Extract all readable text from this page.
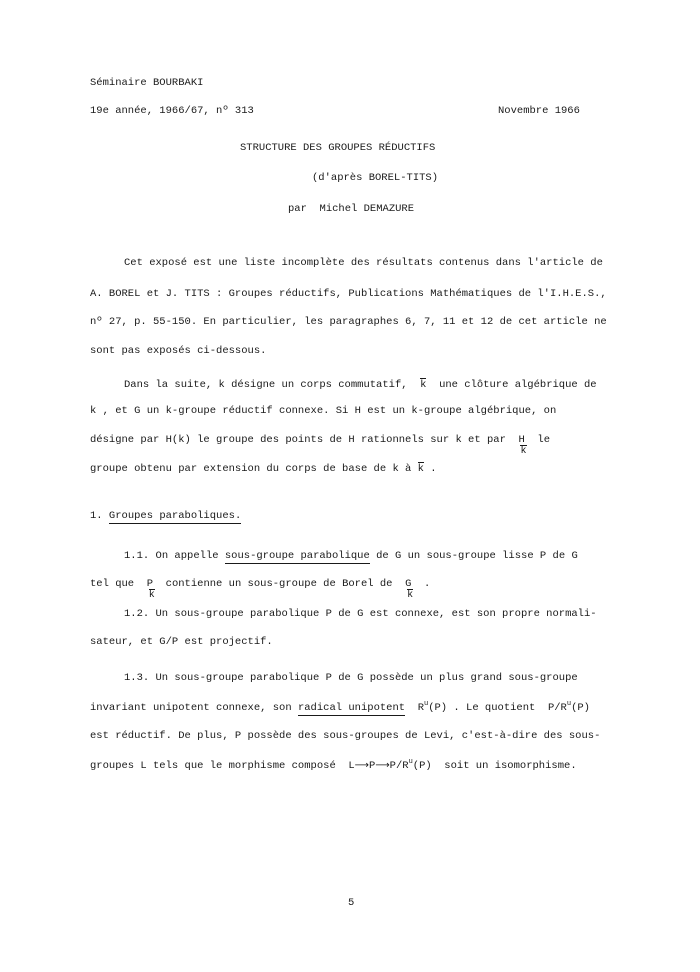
Séminaire BOURBAKI
19e année, 1966/67, nº 313	Novembre 1966
STRUCTURE DES GROUPES RÉDUCTIFS
(d'après BOREL-TITS)
par Michel DEMAZURE
Cet exposé est une liste incomplète des résultats contenus dans l'article de
A. BOREL et J. TITS : Groupes réductifs, Publications Mathématiques de l'I.H.E.S.,
nº 27, p. 55-150. En particulier, les paragraphes 6, 7, 11 et 12 de cet article ne
sont pas exposés ci-dessous.
Dans la suite, k désigne un corps commutatif, k une clôture algébrique de
k , et G un k-groupe réductif connexe. Si H est un k-groupe algébrique, on
désigne par H(k) le groupe des points de H rationnels sur k et par $\frac{H}{k}$ le
groupe obtenu par extension du corps de base de k à k .
1. Groupes paraboliques.
1.1. On appelle sous-groupe parabolique de G un sous-groupe lisse P de G
tel que $\frac{P}{k}$ contienne un sous-groupe de Borel de $\frac{G}{k}$ .
1.2. Un sous-groupe parabolique P de G est connexe, est son propre normali-
sateur, et G/P est projectif.
1.3. Un sous-groupe parabolique P de G possède un plus grand sous-groupe
invariant unipotent connexe, son radical unipotent $R^u(P)$ . Le quotient $P/R^u(P)$
est réductif. De plus, P possède des sous-groupes de Levi, c'est-à-dire des sous-
groupes L tels que le morphisme composé $L⟶P⟶P/R^u(P)$ soit un isomorphisme.
5
